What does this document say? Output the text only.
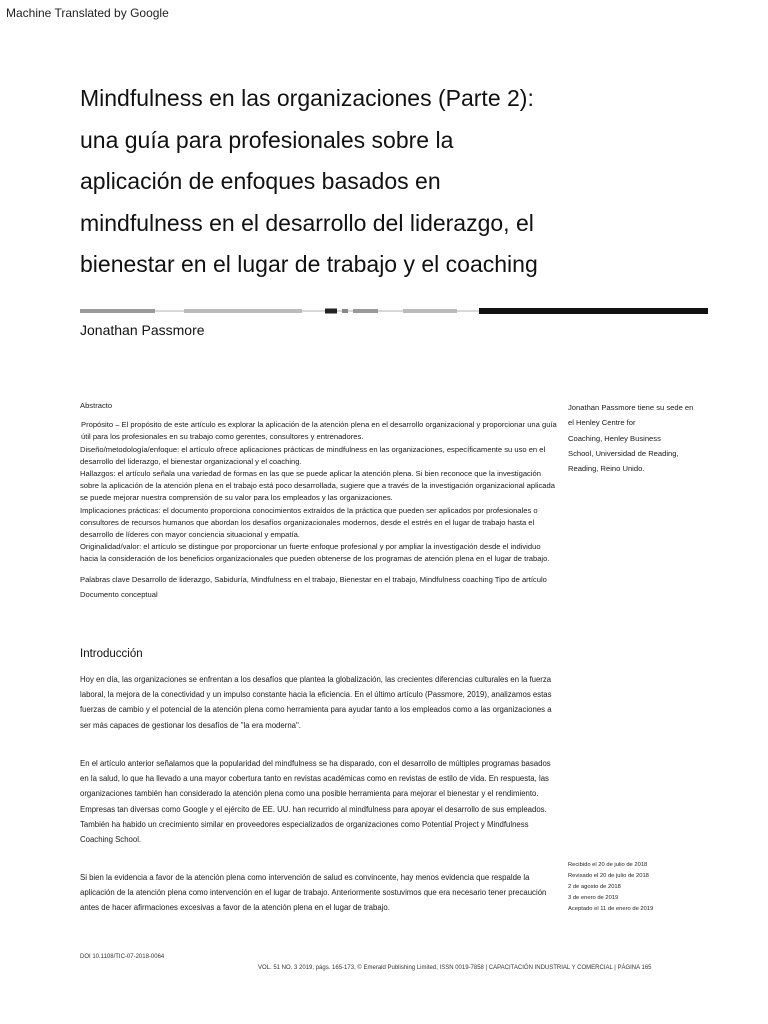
Machine Translated by Google
Mindfulness en las organizaciones (Parte 2):
una guía para profesionales sobre la
aplicación de enfoques basados en
mindfulness en el desarrollo del liderazgo, el
bienestar en el lugar de trabajo y el coaching
Jonathan Passmore
Abstracto

Propósito – El propósito de este artículo es explorar la aplicación de la atención plena en el desarrollo organizacional y proporcionar una guía útil para los profesionales en su trabajo como gerentes, consultores y entrenadores.

Diseño/metodología/enfoque: el artículo ofrece aplicaciones prácticas de mindfulness en las organizaciones, específicamente su uso en el desarrollo del liderazgo, el bienestar organizacional y el coaching.

Hallazgos: el artículo señala una variedad de formas en las que se puede aplicar la atención plena. Si bien reconoce que la investigación sobre la aplicación de la atención plena en el trabajo está poco desarrollada, sugiere que a través de la investigación organizacional aplicada se puede mejorar nuestra comprensión de su valor para los empleados y las organizaciones.

Implicaciones prácticas: el documento proporciona conocimientos extraídos de la práctica que pueden ser aplicados por profesionales o consultores de recursos humanos que abordan los desafíos organizacionales modernos, desde el estrés en el lugar de trabajo hasta el desarrollo de líderes con mayor conciencia situacional y empatía.

Originalidad/valor: el artículo se distingue por proporcionar un fuerte enfoque profesional y por ampliar la investigación desde el individuo hacia la consideración de los beneficios organizacionales que pueden obtenerse de los programas de atención plena en el lugar de trabajo.

Palabras clave Desarrollo de liderazgo, Sabiduría, Mindfulness en el trabajo, Bienestar en el trabajo, Mindfulness coaching Tipo de artículo Documento conceptual

Jonathan Passmore tiene su sede en
el Henley Centre for
Coaching, Henley Business
School, Universidad de Reading,
Reading, Reino Unido.
Introducción

Hoy en día, las organizaciones se enfrentan a los desafíos que plantea la globalización, las crecientes diferencias culturales en la fuerza laboral, la mejora de la conectividad y un impulso constante hacia la eficiencia. En el último artículo (Passmore, 2019), analizamos estas fuerzas de cambio y el potencial de la atención plena como herramienta para ayudar tanto a los empleados como a las organizaciones a ser más capaces de gestionar los desafíos de "la era moderna".

En el artículo anterior señalamos que la popularidad del mindfulness se ha disparado, con el desarrollo de múltiples programas basados en la salud, lo que ha llevado a una mayor cobertura tanto en revistas académicas como en revistas de estilo de vida. En respuesta, las organizaciones también han considerado la atención plena como una posible herramienta para mejorar el bienestar y el rendimiento. Empresas tan diversas como Google y el ejército de EE. UU. han recurrido al mindfulness para apoyar el desarrollo de sus empleados. También ha habido un crecimiento similar en proveedores especializados de organizaciones como Potential Project y Mindfulness Coaching School.

Si bien la evidencia a favor de la atención plena como intervención de salud es convincente, hay menos evidencia que respalde la aplicación de la atención plena como intervención en el lugar de trabajo. Anteriormente sostuvimos que era necesario tener precaución antes de hacer afirmaciones excesivas a favor de la atención plena en el lugar de trabajo.

Recibido el 20 de julio de 2018
Revisado el 20 de julio de 2018
2 de agosto de 2018
3 de enero de 2019
Aceptado el 11 de enero de 2019
DOI 10.1108/TIC-07-2018-0064
VOL. 51 NO. 3 2019, págs. 165-173, © Emerald Publishing Limited, ISSN 0019-7858 | CAPACITACIÓN INDUSTRIAL Y COMERCIAL | PÁGINA 165
